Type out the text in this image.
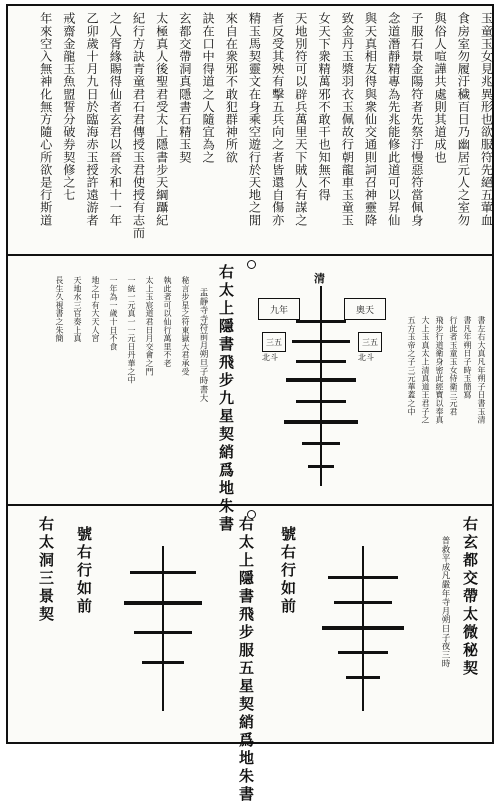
玉童玉女見兆異形也欲服符先絕五葷血
食房室勿履汙穢百日乃幽居元人之室勿
與俗人喧譁共處則其道成也
子服石景金陽符者先祭汙慢惡符當佩身
念道潛靜精專為先兆能修此道可以昇仙
與天真相友得與衆仙交通則詞召神靈降
致金丹玉漿羽衣玉佩故行朝龍車玉童玉
女天下衆精萬邪不敢干也知無不得
天地別符可以辟兵萬里天下賊人有謀之
者反受其殃有擊五兵向之者皆還自傷亦
精玉馬契靈文在身乘空遊行於天地之閒
來自在衆邪不敢犯群神所欲
訣在口中得道之人隨宜為之
玄都交帶洞真隱書石精玉契
太極真人後聖君受太上隱書步天綱躡紀
紀行方訣青童君石君傳授玉君使授有志而
之人胥緣賜得仙者玄君以晉永和十一年
乙卯歲十月九日於臨海赤玉授許遠游者
戒齋金龍玉魚盟誓分破券契修之七
年來空入無神化無方隨心所欲是行斯道
右太上隱書飛步九星契綃爲地朱書
盂靜寺寺符前月朔旦子時書大
清
九年	奧天
三五	三五
北斗	北斗	書左右大真凡年朔子日書玉清
書凡年朔日子時玉簡寫
行此者玉童玉女侍衛三元君
飛步行道衛身密此經寶以奉真
大上玉真太上清真道王君子之
五方玉帝之子三元華蓋之中
秘言步星之符東嶽大君承受
執此者可以仙行萬里不老
太上玉宸道君日月交會之門
一統一元真一一元日丹華之中
一年為一歲十日不食
地之中有大天人宮
天地水三官奏上真
長生久視書之朱簡
右玄都交帶太微秘契
普救平成凡嚴年寺月朔日子夜三時
號右行如前
右太上隱書飛步服五星契綃爲地朱書
號右行如前
右太洞三景契
